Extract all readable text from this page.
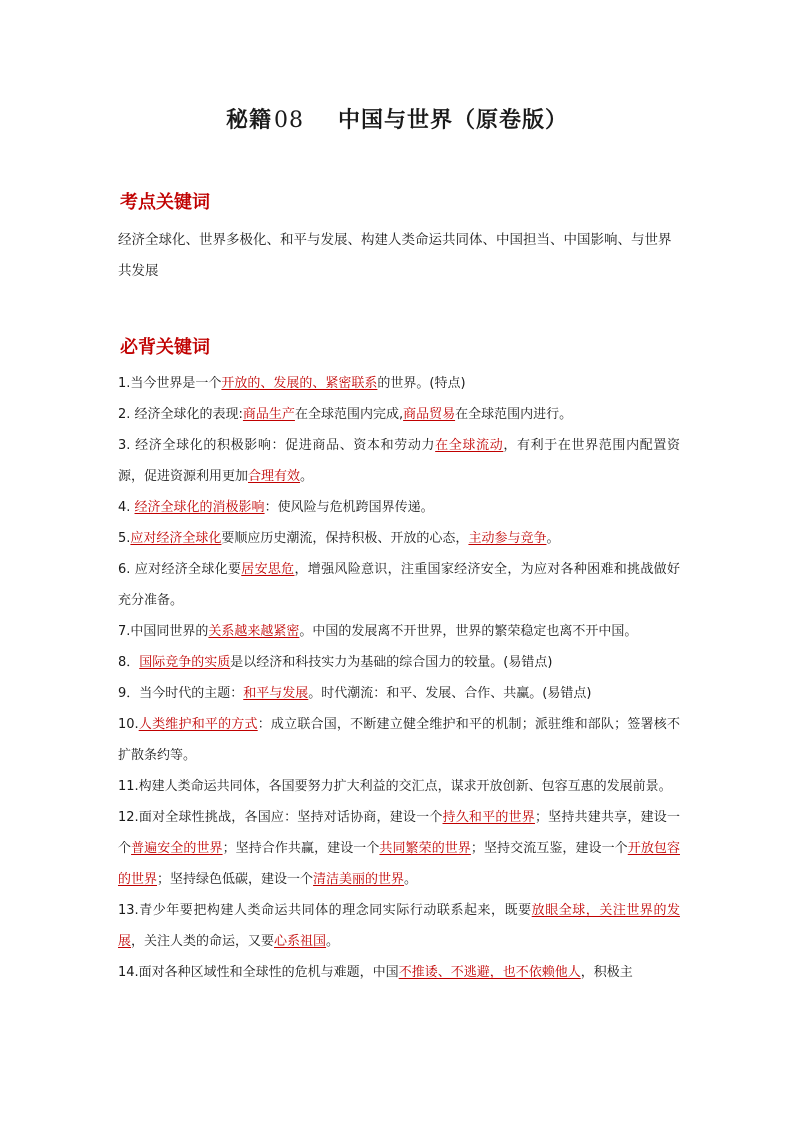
秘籍08 中国与世界（原卷版）
考点关键词
经济全球化、世界多极化、和平与发展、构建人类命运共同体、中国担当、中国影响、与世界共发展
必背关键词

1.当今世界是一个开放的、发展的、紧密联系的世界。(特点)

2. 经济全球化的表现:商品生产在全球范围内完成,商品贸易在全球范围内进行。

3. 经济全球化的积极影响：促进商品、资本和劳动力在全球流动，有利于在世界范围内配置资源，促进资源利用更加合理有效。

4. 经济全球化的消极影响：使风险与危机跨国界传递。

5.应对经济全球化要顺应历史潮流，保持积极、开放的心态，主动参与竞争。

6. 应对经济全球化要居安思危，增强风险意识，注重国家经济安全，为应对各种困难和挑战做好充分准备。

7.中国同世界的关系越来越紧密。中国的发展离不开世界，世界的繁荣稳定也离不开中国。

8．国际竞争的实质是以经济和科技实力为基础的综合国力的较量。(易错点)

9．当今时代的主题：和平与发展。时代潮流：和平、发展、合作、共赢。(易错点)

10.人类维护和平的方式：成立联合国，不断建立健全维护和平的机制；派驻维和部队；签署核不扩散条约等。

11.构建人类命运共同体，各国要努力扩大利益的交汇点，谋求开放创新、包容互惠的发展前景。

12.面对全球性挑战，各国应：坚持对话协商，建设一个持久和平的世界；坚持共建共享，建设一个普遍安全的世界；坚持合作共赢，建设一个共同繁荣的世界；坚持交流互鉴，建设一个开放包容的世界；坚持绿色低碳，建设一个清洁美丽的世界。

13.青少年要把构建人类命运共同体的理念同实际行动联系起来，既要放眼全球，关注世界的发展，关注人类的命运，又要心系祖国。

14.面对各种区域性和全球性的危机与难题，中国不推诿、不逃避，也不依赖他人，积极主
